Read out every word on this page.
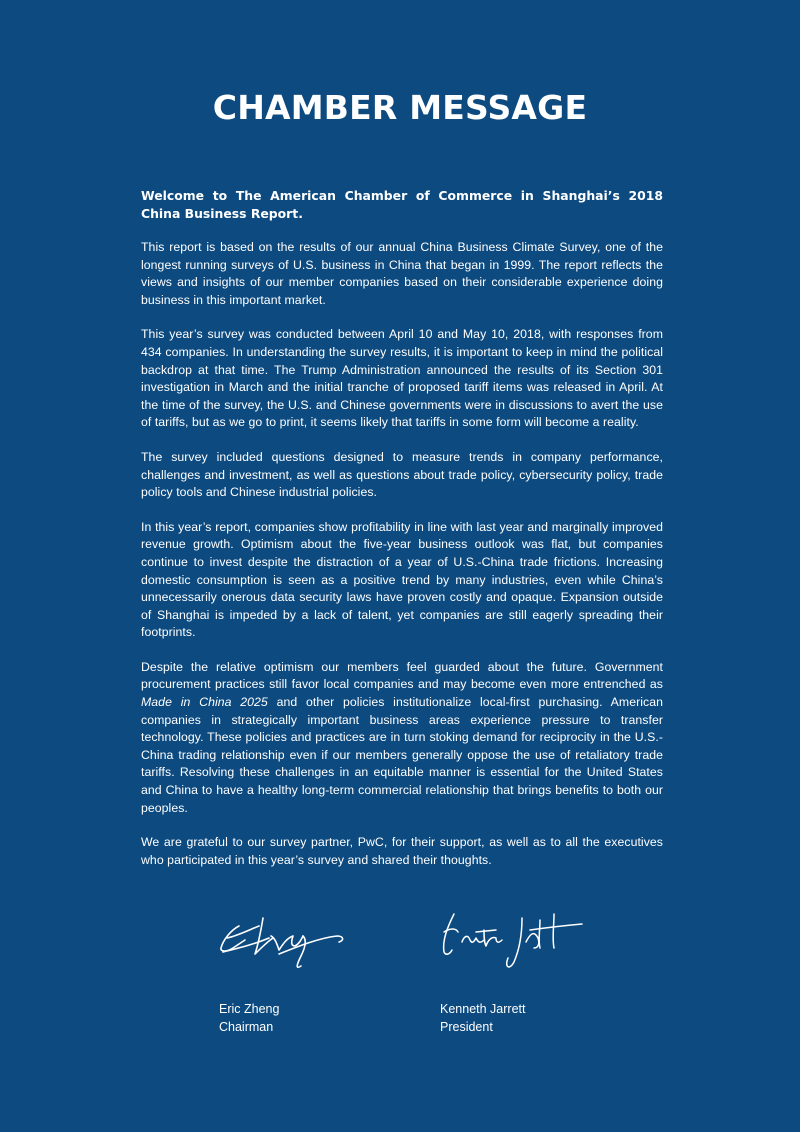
CHAMBER MESSAGE

Welcome to The American Chamber of Commerce in Shanghai’s 2018 China Business Report.

This report is based on the results of our annual China Business Climate Survey, one of the longest running surveys of U.S. business in China that began in 1999. The report reflects the views and insights of our member companies based on their considerable experience doing business in this important market.

This year’s survey was conducted between April 10 and May 10, 2018, with responses from 434 companies. In understanding the survey results, it is important to keep in mind the political backdrop at that time. The Trump Administration announced the results of its Section 301 investigation in March and the initial tranche of proposed tariff items was released in April. At the time of the survey, the U.S. and Chinese governments were in discussions to avert the use of tariffs, but as we go to print, it seems likely that tariffs in some form will become a reality.

The survey included questions designed to measure trends in company performance, challenges and investment, as well as questions about trade policy, cybersecurity policy, trade policy tools and Chinese industrial policies.

In this year’s report, companies show profitability in line with last year and marginally improved revenue growth. Optimism about the five-year business outlook was flat, but companies continue to invest despite the distraction of a year of U.S.-China trade frictions. Increasing domestic consumption is seen as a positive trend by many industries, even while China’s unnecessarily onerous data security laws have proven costly and opaque. Expansion outside of Shanghai is impeded by a lack of talent, yet companies are still eagerly spreading their footprints.

Despite the relative optimism our members feel guarded about the future. Government procurement practices still favor local companies and may become even more entrenched as Made in China 2025 and other policies institutionalize local-first purchasing. American companies in strategically important business areas experience pressure to transfer technology. These policies and practices are in turn stoking demand for reciprocity in the U.S.-China trading relationship even if our members generally oppose the use of retaliatory trade tariffs. Resolving these challenges in an equitable manner is essential for the United States and China to have a healthy long-term commercial relationship that brings benefits to both our peoples.

We are grateful to our survey partner, PwC, for their support, as well as to all the executives who participated in this year’s survey and shared their thoughts.

Eric Zheng
Chairman
Kenneth Jarrett
President
